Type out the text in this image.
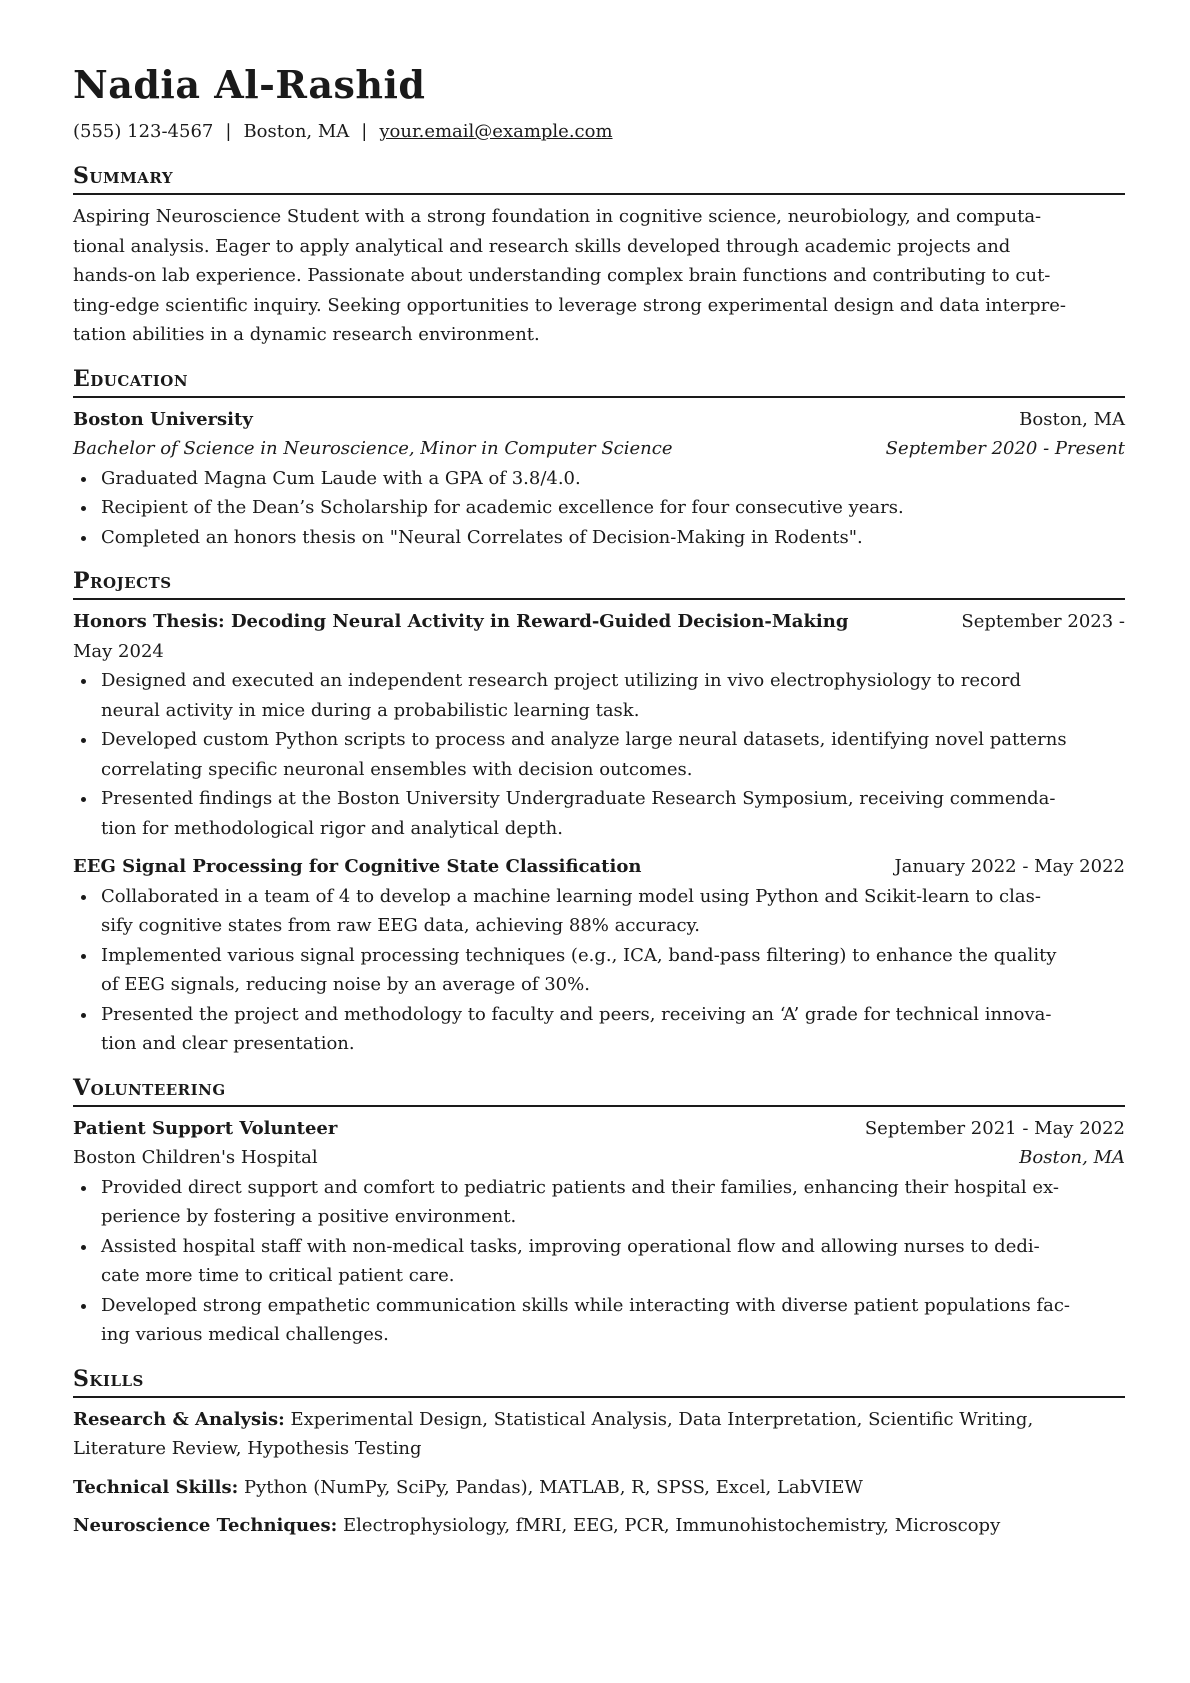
Nadia Al-Rashid
(555) 123-4567 | Boston, MA | your.email@example.com
Summary
Aspiring Neuroscience Student with a strong foundation in cognitive science, neurobiology, and computa-
tional analysis. Eager to apply analytical and research skills developed through academic projects and
hands-on lab experience. Passionate about understanding complex brain functions and contributing to cut-
ting-edge scientific inquiry. Seeking opportunities to leverage strong experimental design and data interpre-
tation abilities in a dynamic research environment.
Education
Boston University	Boston, MA
Bachelor of Science in Neuroscience, Minor in Computer Science	September 2020 - Present
Graduated Magna Cum Laude with a GPA of 3.8/4.0.
Recipient of the Dean’s Scholarship for academic excellence for four consecutive years.
Completed an honors thesis on "Neural Correlates of Decision-Making in Rodents".
Projects
Honors Thesis: Decoding Neural Activity in Reward-Guided Decision-Making	September 2023 -
May 2024
Designed and executed an independent research project utilizing in vivo electrophysiology to record
neural activity in mice during a probabilistic learning task.
Developed custom Python scripts to process and analyze large neural datasets, identifying novel patterns
correlating specific neuronal ensembles with decision outcomes.
Presented findings at the Boston University Undergraduate Research Symposium, receiving commenda-
tion for methodological rigor and analytical depth.
EEG Signal Processing for Cognitive State Classification	January 2022 - May 2022
Collaborated in a team of 4 to develop a machine learning model using Python and Scikit-learn to clas-
sify cognitive states from raw EEG data, achieving 88% accuracy.
Implemented various signal processing techniques (e.g., ICA, band-pass filtering) to enhance the quality
of EEG signals, reducing noise by an average of 30%.
Presented the project and methodology to faculty and peers, receiving an ‘A’ grade for technical innova-
tion and clear presentation.
Volunteering
Patient Support Volunteer	September 2021 - May 2022
Boston Children's Hospital	Boston, MA
Provided direct support and comfort to pediatric patients and their families, enhancing their hospital ex-
perience by fostering a positive environment.
Assisted hospital staff with non-medical tasks, improving operational flow and allowing nurses to dedi-
cate more time to critical patient care.
Developed strong empathetic communication skills while interacting with diverse patient populations fac-
ing various medical challenges.
Skills
Research & Analysis: Experimental Design, Statistical Analysis, Data Interpretation, Scientific Writing,
Literature Review, Hypothesis Testing
Technical Skills: Python (NumPy, SciPy, Pandas), MATLAB, R, SPSS, Excel, LabVIEW
Neuroscience Techniques: Electrophysiology, fMRI, EEG, PCR, Immunohistochemistry, Microscopy
